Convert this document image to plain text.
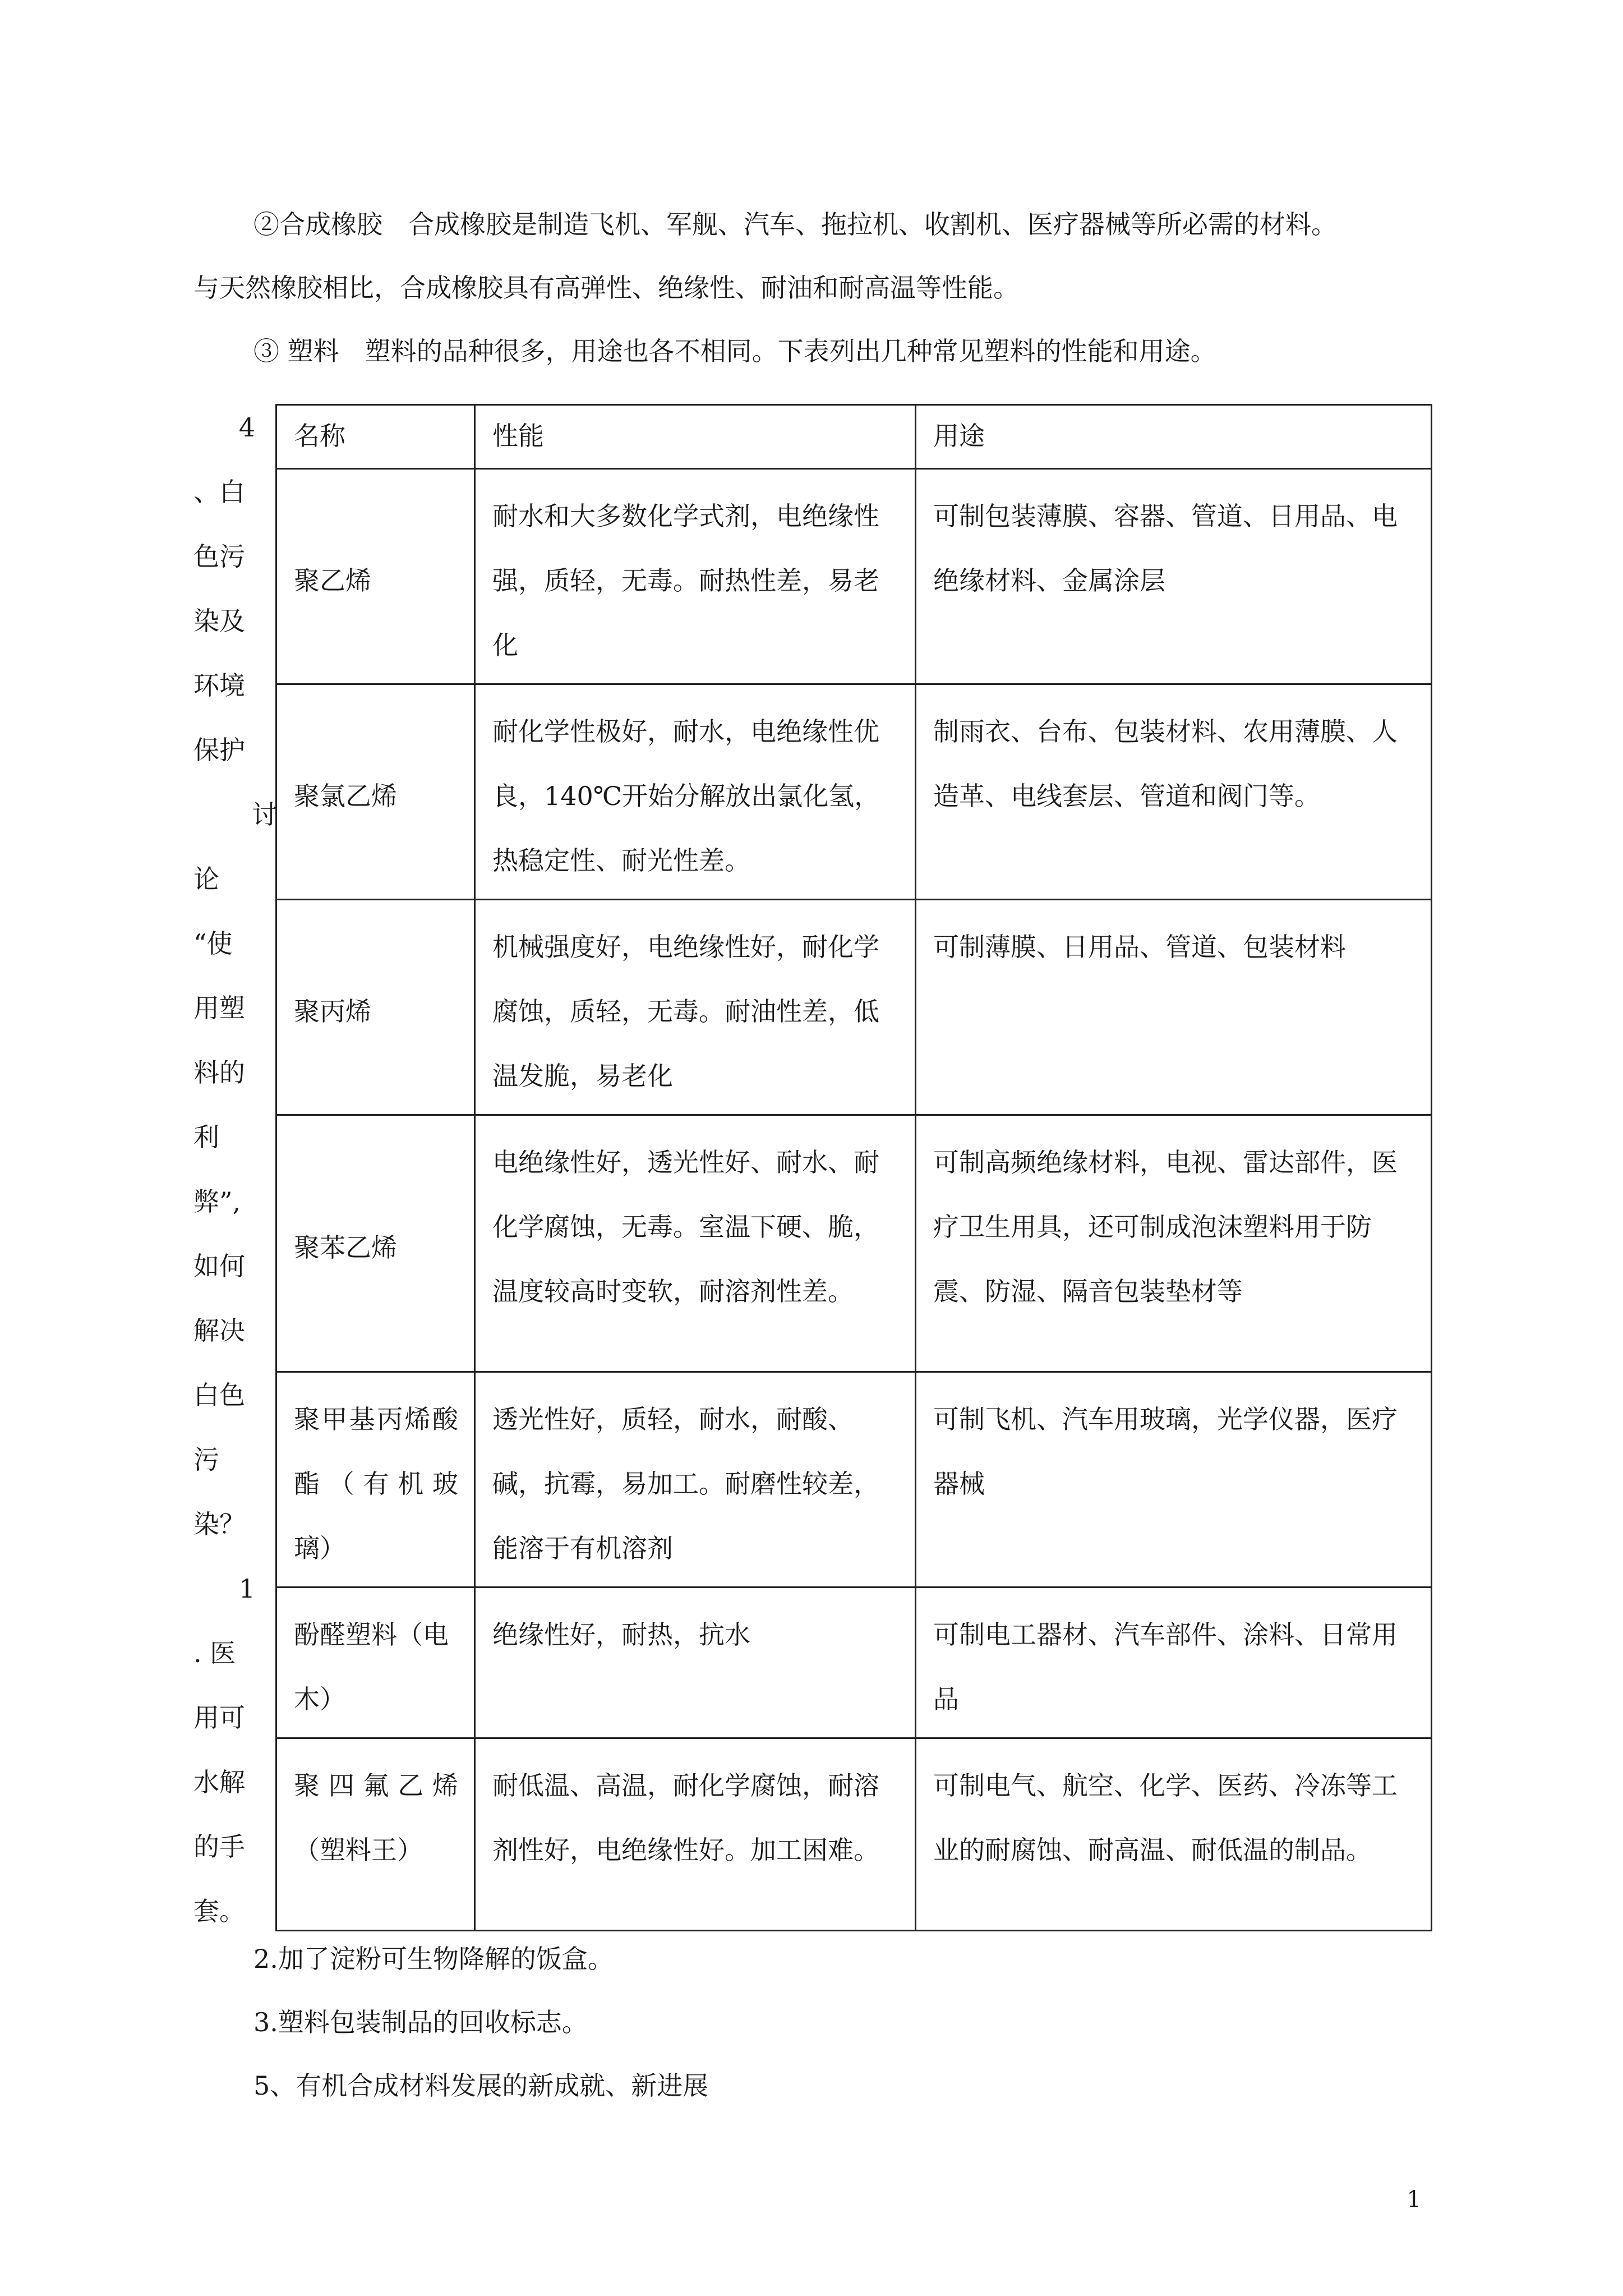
②合成橡胶　合成橡胶是制造飞机、军舰、汽车、拖拉机、收割机、医疗器械等所必需的材料。
与天然橡胶相比，合成橡胶具有高弹性、绝缘性、耐油和耐高温等性能。
③ 塑料　塑料的品种很多，用途也各不相同。下表列出几种常见塑料的性能和用途。
4
、白
色污
染及
环境
保护
讨
论
“使
用塑
料的
利
弊”,
如何
解决
白色
污
染？
1
. 医
用可
水解
的手
套。
名称	性能	用途
聚乙烯	耐水和大多数化学式剂，电绝缘性强，质轻，无毒。耐热性差，易老化	可制包装薄膜、容器、管道、日用品、电绝缘材料、金属涂层
聚氯乙烯	耐化学性极好，耐水，电绝缘性优良，140℃开始分解放出氯化氢，热稳定性、耐光性差。	制雨衣、台布、包装材料、农用薄膜、人造革、电线套层、管道和阀门等。
聚丙烯	机械强度好，电绝缘性好，耐化学腐蚀，质轻，无毒。耐油性差，低温发脆，易老化	可制薄膜、日用品、管道、包装材料
聚苯乙烯	电绝缘性好，透光性好、耐水、耐化学腐蚀，无毒。室温下硬、脆，温度较高时变软，耐溶剂性差。	可制高频绝缘材料，电视、雷达部件，医疗卫生用具，还可制成泡沫塑料用于防震、防湿、隔音包装垫材等
聚甲基丙烯酸酯（有机玻璃）	透光性好，质轻，耐水，耐酸、碱，抗霉，易加工。耐磨性较差，能溶于有机溶剂	可制飞机、汽车用玻璃，光学仪器，医疗器械
酚醛塑料（电木）	绝缘性好，耐热，抗水	可制电工器材、汽车部件、涂料、日常用品
聚四氟乙烯（塑料王）	耐低温、高温，耐化学腐蚀，耐溶剂性好，电绝缘性好。加工困难。	可制电气、航空、化学、医药、冷冻等工业的耐腐蚀、耐高温、耐低温的制品。
2.加了淀粉可生物降解的饭盒。
3.塑料包装制品的回收标志。
5、有机合成材料发展的新成就、新进展
1
